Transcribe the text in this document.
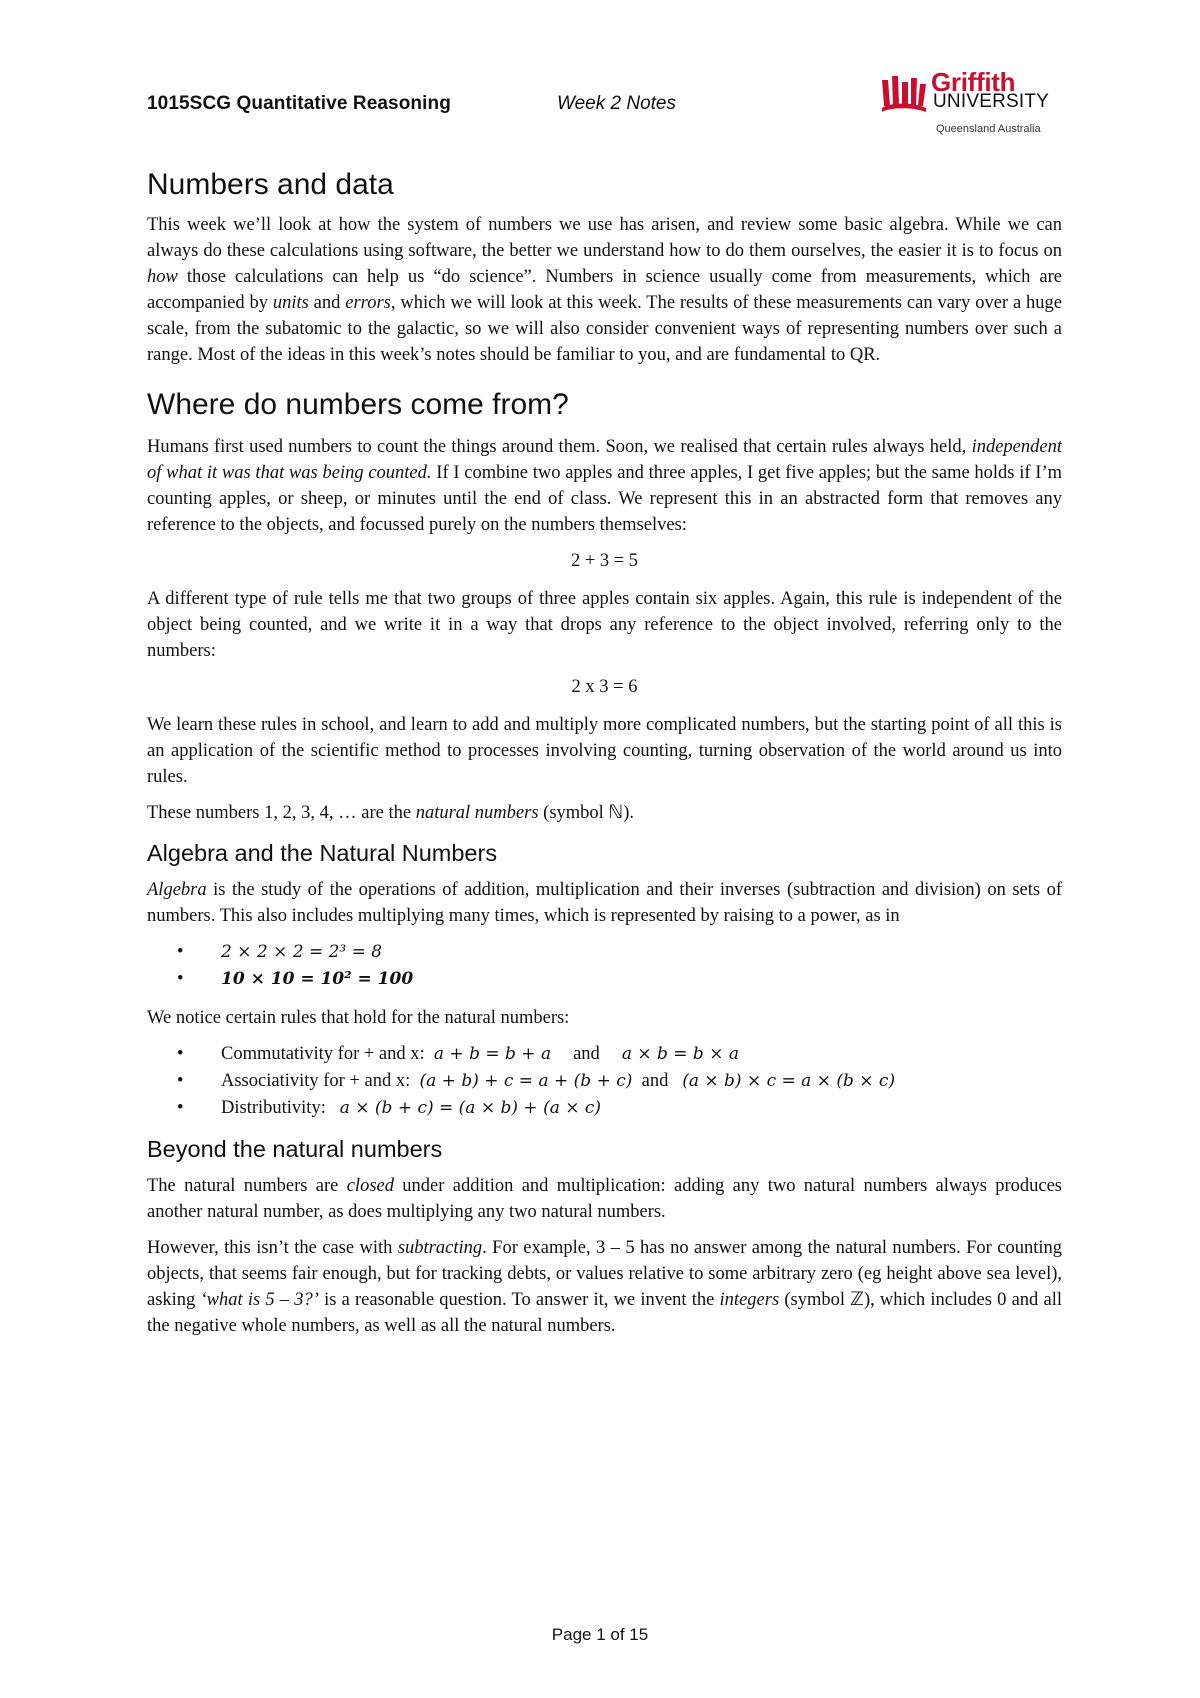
1015SCG Quantitative Reasoning	Week 2 Notes
Griffith
UNIVERSITY
Queensland Australia
Numbers and data

This week we’ll look at how the system of numbers we use has arisen, and review some basic algebra. While we can always do these calculations using software, the better we understand how to do them ourselves, the easier it is to focus on how those calculations can help us “do science”. Numbers in science usually come from measurements, which are accompanied by units and errors, which we will look at this week. The results of these measurements can vary over a huge scale, from the subatomic to the galactic, so we will also consider convenient ways of representing numbers over such a range. Most of the ideas in this week’s notes should be familiar to you, and are fundamental to QR.

Where do numbers come from?

Humans first used numbers to count the things around them. Soon, we realised that certain rules always held, independent of what it was that was being counted. If I combine two apples and three apples, I get five apples; but the same holds if I’m counting apples, or sheep, or minutes until the end of class. We represent this in an abstracted form that removes any reference to the objects, and focussed purely on the numbers themselves:

2 + 3 = 5

A different type of rule tells me that two groups of three apples contain six apples. Again, this rule is independent of the object being counted, and we write it in a way that drops any reference to the object involved, referring only to the numbers:

2 x 3 = 6

We learn these rules in school, and learn to add and multiply more complicated numbers, but the starting point of all this is an application of the scientific method to processes involving counting, turning observation of the world around us into rules.

These numbers 1, 2, 3, 4, … are the natural numbers (symbol ℕ).

Algebra and the Natural Numbers

Algebra is the study of the operations of addition, multiplication and their inverses (subtraction and division) on sets of numbers. This also includes multiplying many times, which is represented by raising to a power, as in

• 2 × 2 × 2 = 2³ = 8
• 10 × 10 = 10² = 100

We notice certain rules that hold for the natural numbers:

• Commutativity for + and x: a + b = b + a and a × b = b × a
• Associativity for + and x: (a + b) + c = a + (b + c) and (a × b) × c = a × (b × c)
• Distributivity: a × (b + c) = (a × b) + (a × c)
Beyond the natural numbers

The natural numbers are closed under addition and multiplication: adding any two natural numbers always produces another natural number, as does multiplying any two natural numbers.

However, this isn’t the case with subtracting. For example, 3 – 5 has no answer among the natural numbers. For counting objects, that seems fair enough, but for tracking debts, or values relative to some arbitrary zero (eg height above sea level), asking ‘what is 5 – 3?’ is a reasonable question. To answer it, we invent the integers (symbol ℤ), which includes 0 and all the negative whole numbers, as well as all the natural numbers.

Page 1 of 15
